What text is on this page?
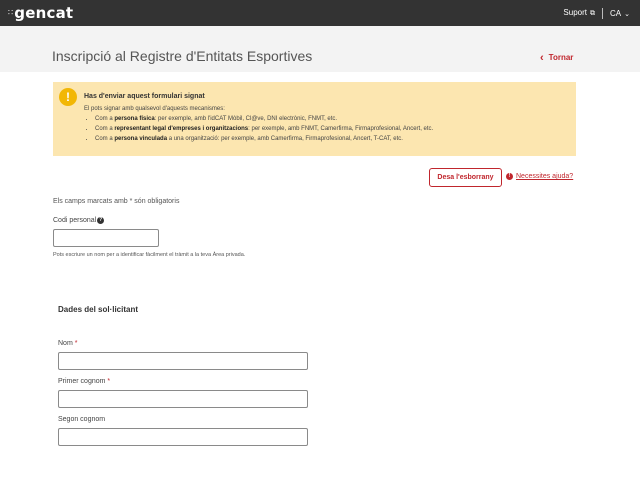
∷gencat	Suport ⧉ CA ⌄
Inscripció al Registre d'Entitats Esportives	‹ Tornar
!	Has d'enviar aquest formulari signat
El pots signar amb qualsevol d'aquests mecanismes:
• Com a persona física: per exemple, amb l'idCAT Mòbil, Cl@ve, DNI electrònic, FNMT, etc.
• Com a representant legal d'empreses i organitzacions: per exemple, amb FNMT, Camerfirma, Firmaprofesional, Ancert, etc.
• Com a persona vinculada a una organització: per exemple, amb Camerfirma, Firmaprofesional, Ancert, T-CAT, etc.
Desa l'esborrany	! Necessites ajuda?
Els camps marcats amb * són obligatoris
Codi personal ?
Pots escriure un nom per a identificar fàcilment el tràmit a la teva Àrea privada.
Dades del sol·licitant
Nom *
Primer cognom *
Segon cognom
